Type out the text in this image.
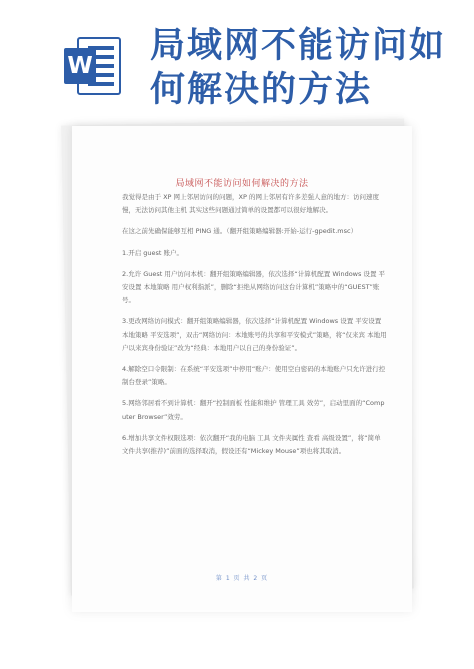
W 局域网不能访问如何解决的方法
局域网不能访问如何解决的方法

我觉得是由于 XP 网上邻居访问的问题，XP 的网上邻居有许多差强人意的地方：访问速度慢，无法访问其他主机 其实这些问题通过简单的设置都可以很好地解决。

在这之前先确保能够互相 PING 通。（翻开组策略编辑器:开始-运行-gpedit.msc）

1.开启 guest 账户。

2.允许 Guest 用户访问本机：翻开组策略编辑器，依次选择“计算机配置 Windows 设置 平安设置 本地策略 用户权利指派”，删除“拒绝从网络访问这台计算机”策略中的“GUEST”账号。

3.更改网络访问模式：翻开组策略编辑器，依次选择“计算机配置 Windows 设置 平安设置 本地策略 平安选项”，双击“网络访问：本地账号的共享和平安模式”策略，将“仅来宾 本地用户以来宾身份验证”改为“经典：本地用户以自己的身份验证”。

4.解除空口令限制：在系统“平安选项”中停用“账户：使用空白密码的本地账户只允许进行控制台登录”策略。

5.网络邻居看不到计算机：翻开“控制面板 性能和维护 管理工具 效劳”，启动里面的“Computer Browser”效劳。

6.增加共享文件权限选项：依次翻开“我的电脑 工具 文件夹属性 查看 高级设置”，将“简单文件共享(推荐)”前面的选择取消，假设还有“Mickey Mouse”项也将其取消。

第 1 页 共 2 页
